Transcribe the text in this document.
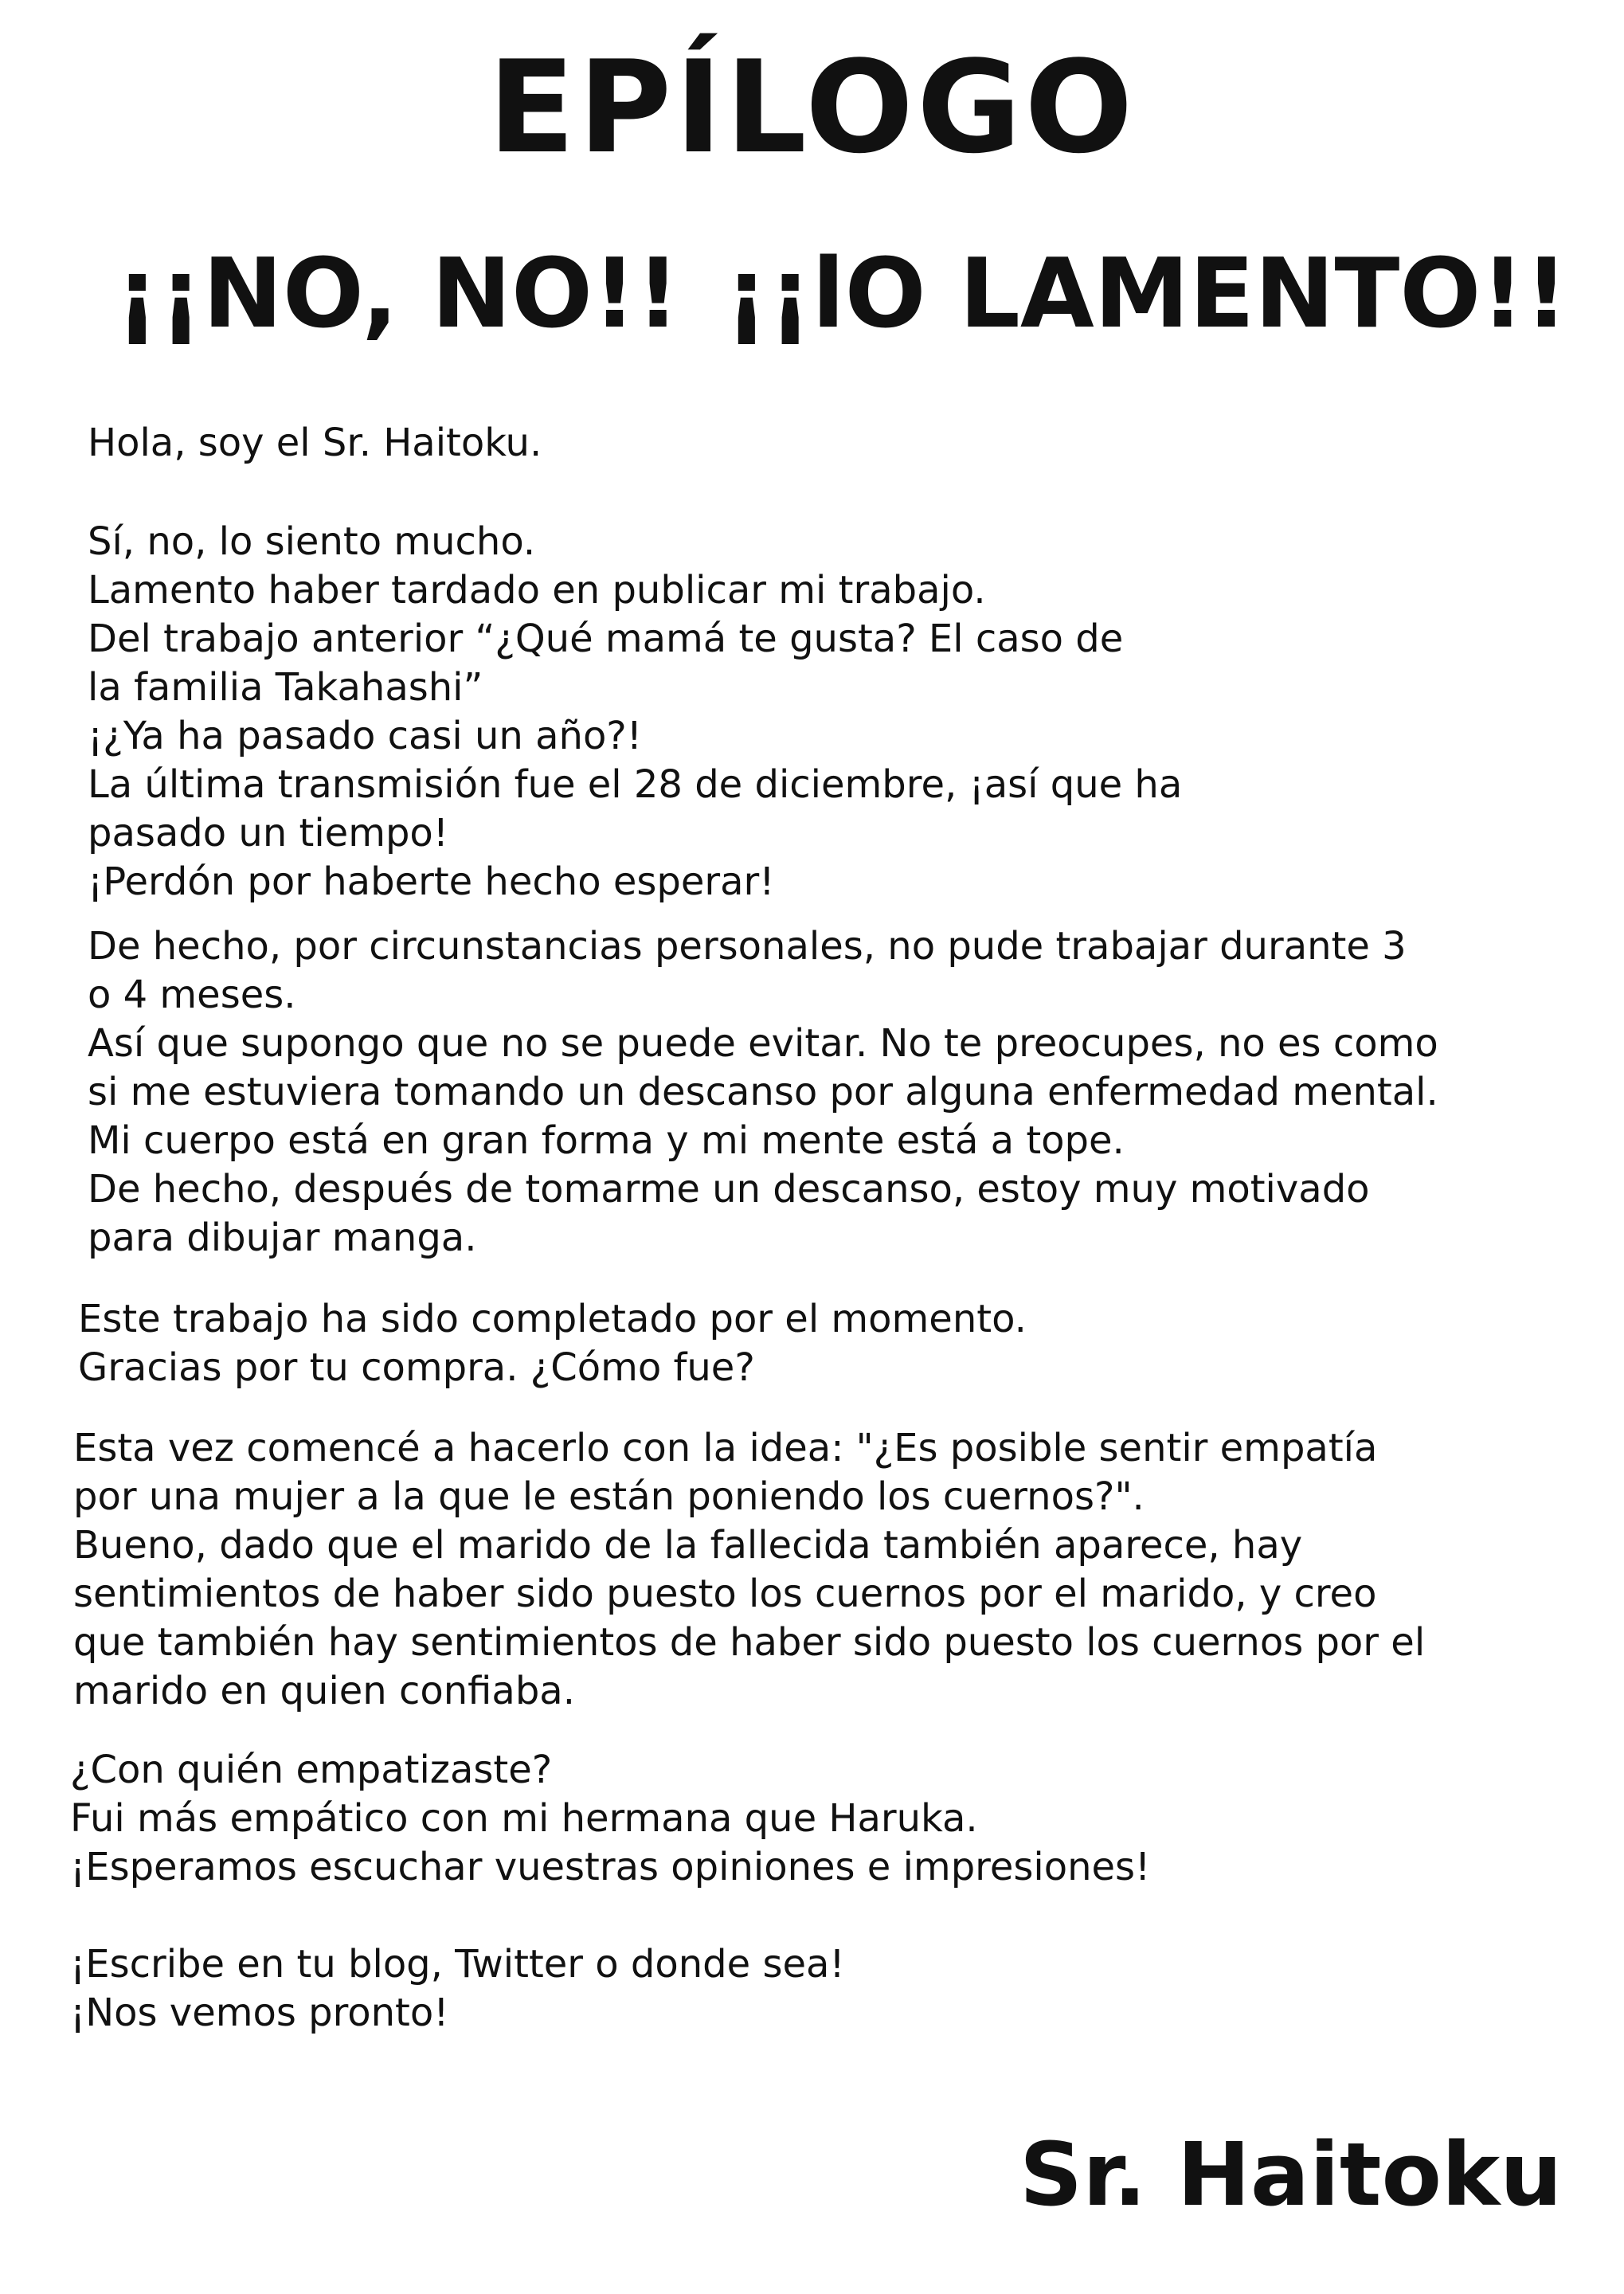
EPÍLOGO
¡¡NO, NO!! ¡¡lO LAMENTO!!
Hola, soy el Sr. Haitoku.
Sí, no, lo siento mucho.
Lamento haber tardado en publicar mi trabajo.
Del trabajo anterior “¿Qué mamá te gusta? El caso de
la familia Takahashi”
¡¿Ya ha pasado casi un año?!
La última transmisión fue el 28 de diciembre, ¡así que ha
pasado un tiempo!
¡Perdón por haberte hecho esperar!
De hecho, por circunstancias personales, no pude trabajar durante 3
o 4 meses.
Así que supongo que no se puede evitar. No te preocupes, no es como
si me estuviera tomando un descanso por alguna enfermedad mental.
Mi cuerpo está en gran forma y mi mente está a tope.
De hecho, después de tomarme un descanso, estoy muy motivado
para dibujar manga.
Este trabajo ha sido completado por el momento.
Gracias por tu compra. ¿Cómo fue?
Esta vez comencé a hacerlo con la idea: "¿Es posible sentir empatía
por una mujer a la que le están poniendo los cuernos?".
Bueno, dado que el marido de la fallecida también aparece, hay
sentimientos de haber sido puesto los cuernos por el marido, y creo
que también hay sentimientos de haber sido puesto los cuernos por el
marido en quien confiaba.
¿Con quién empatizaste?
Fui más empático con mi hermana que Haruka.
¡Esperamos escuchar vuestras opiniones e impresiones!
¡Escribe en tu blog, Twitter o donde sea!
¡Nos vemos pronto!
Sr. Haitoku
